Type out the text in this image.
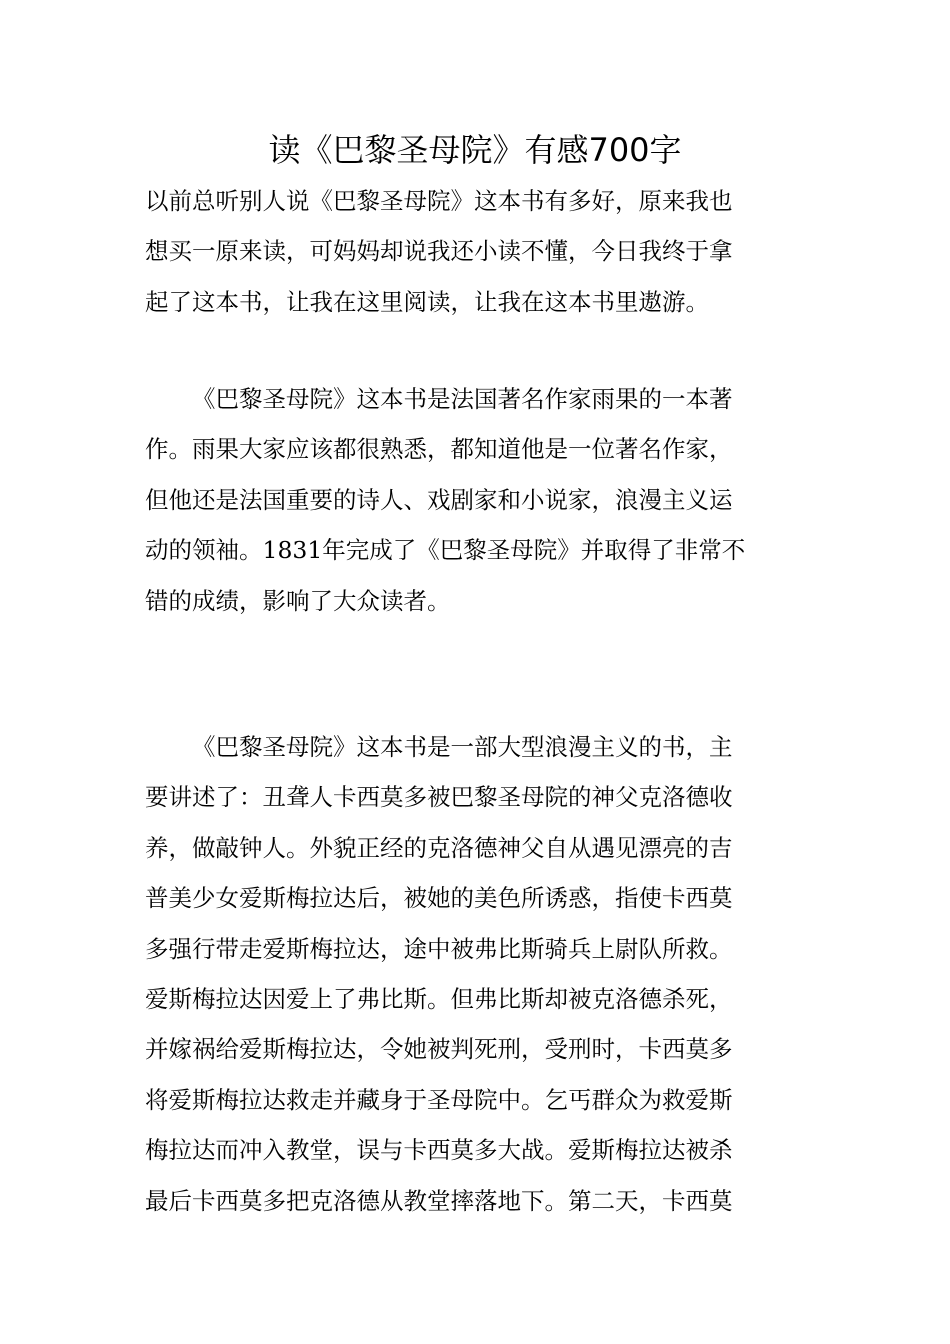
读《巴黎圣母院》有感700字
以前总听别人说《巴黎圣母院》这本书有多好，原来我也
想买一原来读，可妈妈却说我还小读不懂，今日我终于拿
起了这本书，让我在这里阅读，让我在这本书里遨游。
《巴黎圣母院》这本书是法国著名作家雨果的一本著
作。雨果大家应该都很熟悉，都知道他是一位著名作家，
但他还是法国重要的诗人、戏剧家和小说家，浪漫主义运
动的领袖。1831年完成了《巴黎圣母院》并取得了非常不
错的成绩，影响了大众读者。
《巴黎圣母院》这本书是一部大型浪漫主义的书，主
要讲述了：丑聋人卡西莫多被巴黎圣母院的神父克洛德收
养，做敲钟人。外貌正经的克洛德神父自从遇见漂亮的吉
普美少女爱斯梅拉达后，被她的美色所诱惑，指使卡西莫
多强行带走爱斯梅拉达，途中被弗比斯骑兵上尉队所救。
爱斯梅拉达因爱上了弗比斯。但弗比斯却被克洛德杀死，
并嫁祸给爱斯梅拉达，令她被判死刑，受刑时，卡西莫多
将爱斯梅拉达救走并藏身于圣母院中。乞丐群众为救爱斯
梅拉达而冲入教堂，误与卡西莫多大战。爱斯梅拉达被杀
最后卡西莫多把克洛德从教堂摔落地下。第二天，卡西莫
